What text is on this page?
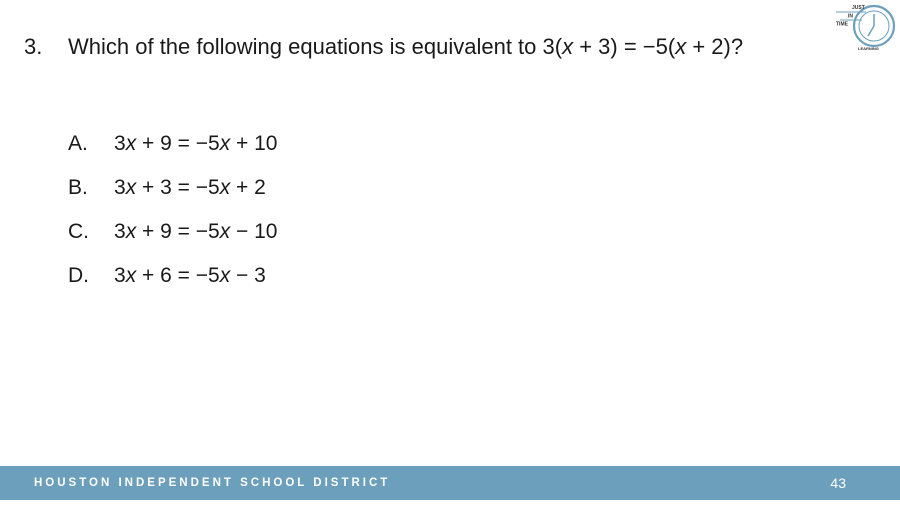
3. Which of the following equations is equivalent to 3(x + 3) = −5(x + 2)?
A. 3x + 9 = −5x + 10
B. 3x + 3 = −5x + 2
C. 3x + 9 = −5x − 10
D. 3x + 6 = −5x − 3
JUST
IN
TIME
LEARNING
HOUSTON INDEPENDENT SCHOOL DISTRICT	43
